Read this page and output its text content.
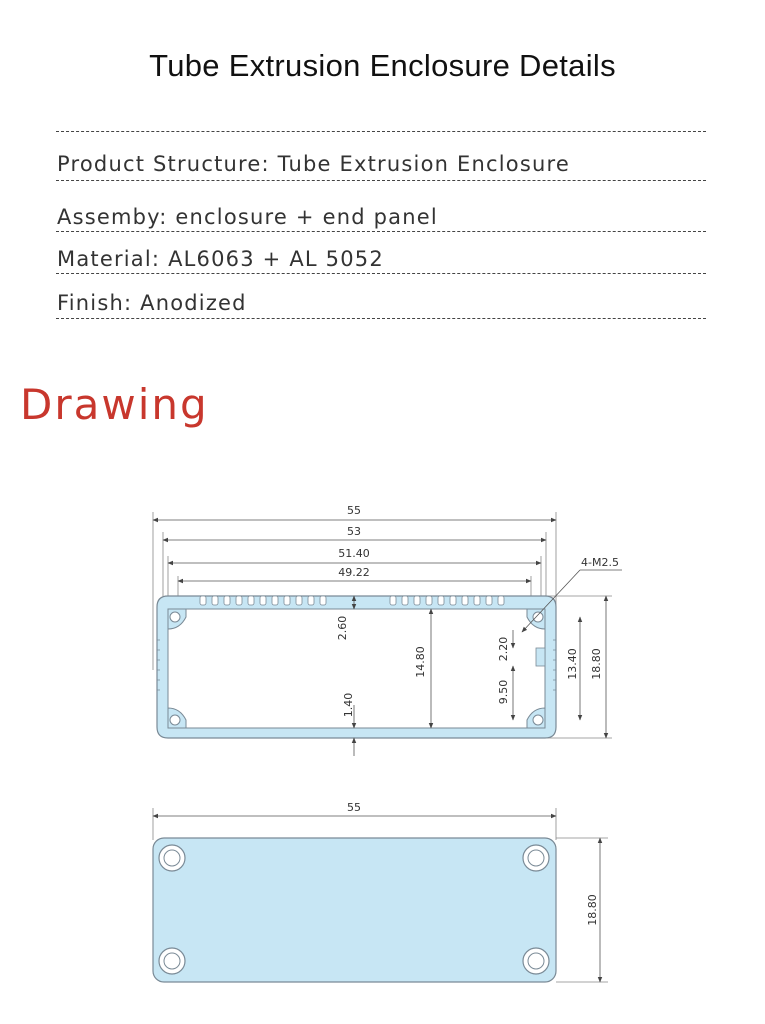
Tube Extrusion Enclosure Details
Product Structure: Tube Extrusion Enclosure
Assemby: enclosure + end panel
Material: AL6063 + AL 5052
Finish: Anodized
Drawing
55
53
51.40
49.22
4-M2.5
2.60
14.80
1.40
2.20
9.50
13.40 18.80
55
18.80
